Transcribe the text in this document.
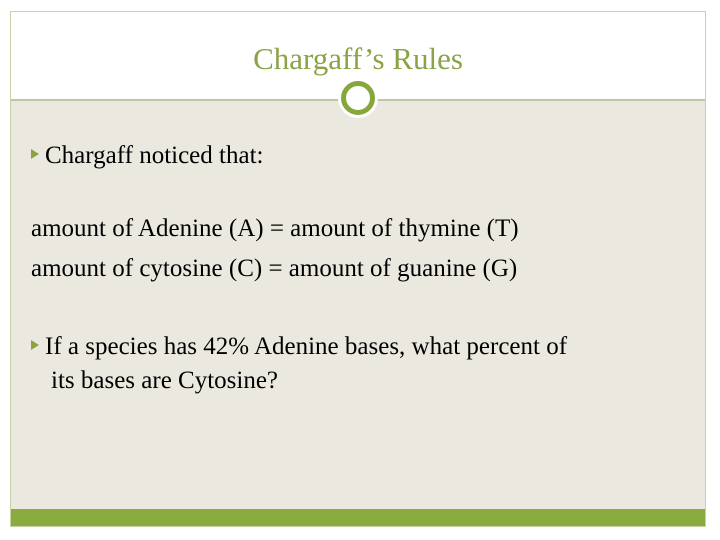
Chargaff’s Rules
Chargaff noticed that:
amount of Adenine (A) = amount of thymine (T)
amount of cytosine (C) = amount of guanine (G)
If a species has 42% Adenine bases, what percent of
its bases are Cytosine?
